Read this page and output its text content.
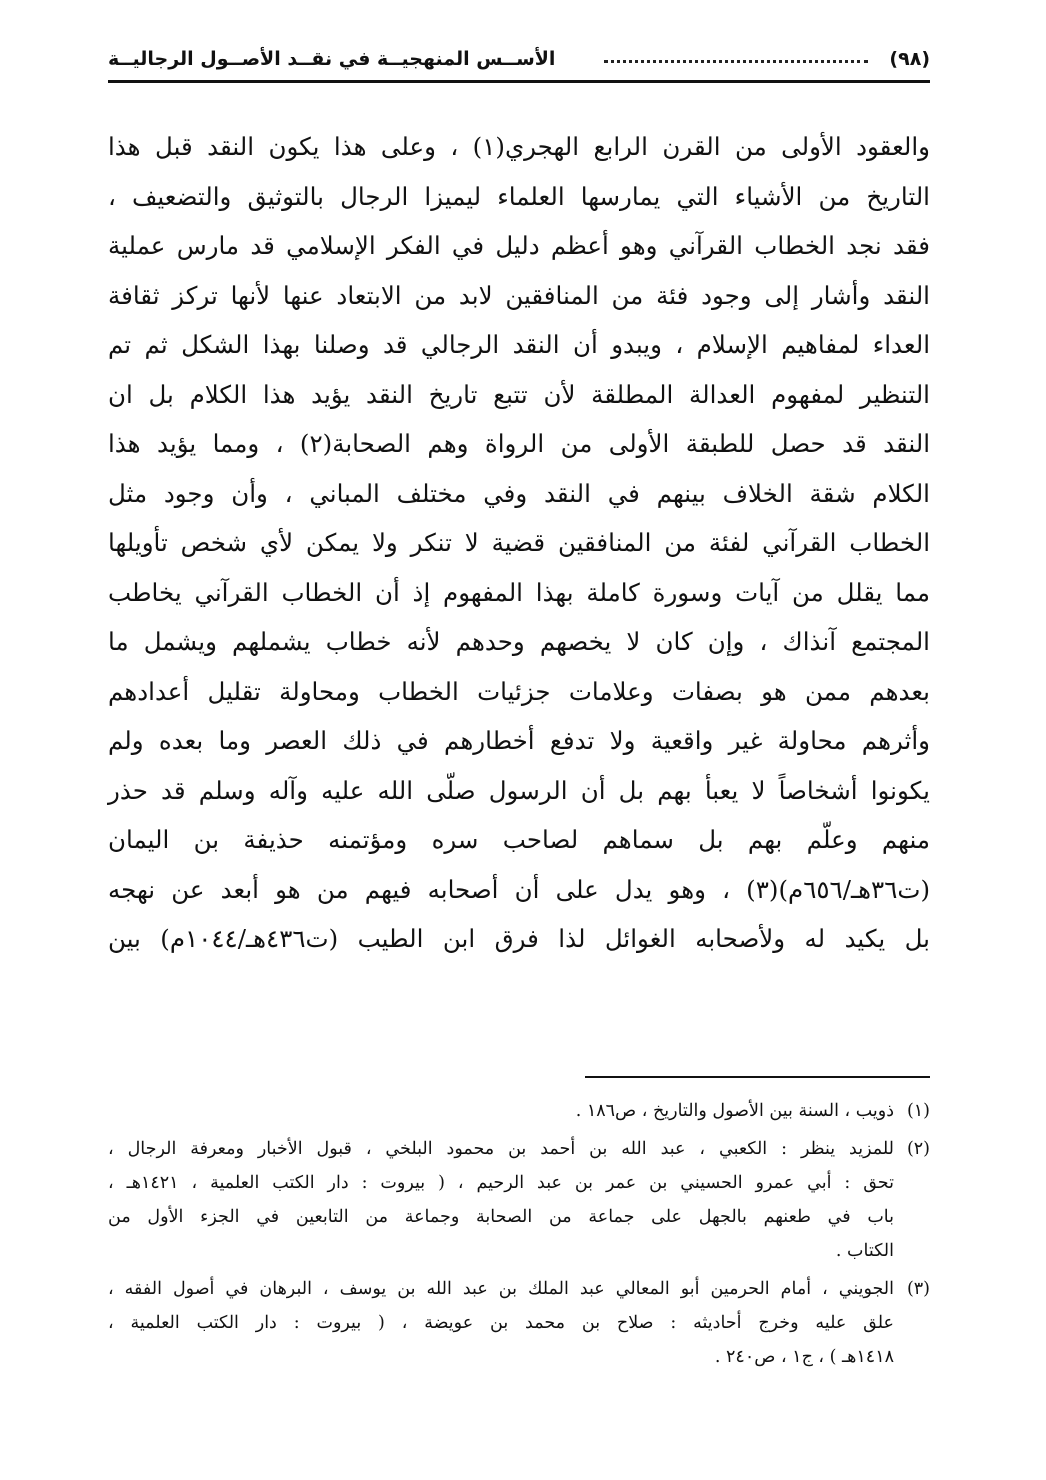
(٩٨)
الأســس المنهجيــة في نقــد الأصــول الرجاليــة
والعقود الأولى من القرن الرابع الهجري(١) ، وعلى هذا يكون النقد قبل هذا
التاريخ من الأشياء التي يمارسها العلماء ليميزا الرجال بالتوثيق والتضعيف ،
فقد نجد الخطاب القرآني وهو أعظم دليل في الفكر الإسلامي قد مارس عملية
النقد وأشار إلى وجود فئة من المنافقين لابد من الابتعاد عنها لأنها تركز ثقافة
العداء لمفاهيم الإسلام ، ويبدو أن النقد الرجالي قد وصلنا بهذا الشكل ثم تم
التنظير لمفهوم العدالة المطلقة لأن تتبع تاريخ النقد يؤيد هذا الكلام بل ان
النقد قد حصل للطبقة الأولى من الرواة وهم الصحابة(٢) ، ومما يؤيد هذا
الكلام شقة الخلاف بينهم في النقد وفي مختلف المباني ، وأن وجود مثل
الخطاب القرآني لفئة من المنافقين قضية لا تنكر ولا يمكن لأي شخص تأويلها
مما يقلل من آيات وسورة كاملة بهذا المفهوم إذ أن الخطاب القرآني يخاطب
المجتمع آنذاك ، وإن كان لا يخصهم وحدهم لأنه خطاب يشملهم ويشمل ما
بعدهم ممن هو بصفات وعلامات جزئيات الخطاب ومحاولة تقليل أعدادهم
وأثرهم محاولة غير واقعية ولا تدفع أخطارهم في ذلك العصر وما بعده ولم
يكونوا أشخاصاً لا يعبأ بهم بل أن الرسول صلّى الله عليه وآله وسلم قد حذر
منهم وعلّم بهم بل سماهم لصاحب سره ومؤتمنه حذيفة بن اليمان
(ت٣٦هـ/٦٥٦م)(٣) ، وهو يدل على أن أصحابه فيهم من هو أبعد عن نهجه
بل يكيد له ولأصحابه الغوائل لذا فرق ابن الطيب (ت٤٣٦هـ/١٠٤٤م) بين
(١)
ذويب ، السنة بين الأصول والتاريخ ، ص١٨٦ .
(٢)
للمزيد ينظر : الكعبي ، عبد الله بن أحمد بن محمود البلخي ، قبول الأخبار ومعرفة الرجال ،
تحق : أبي عمرو الحسيني بن عمر بن عبد الرحيم ، ( بيروت : دار الكتب العلمية ، ١٤٢١هـ ،
باب في طعنهم بالجهل على جماعة من الصحابة وجماعة من التابعين في الجزء الأول من
الكتاب .
(٣)
الجويني ، أمام الحرمين أبو المعالي عبد الملك بن عبد الله بن يوسف ، البرهان في أصول الفقه ،
علق عليه وخرج أحاديثه : صلاح بن محمد بن عويضة ، ( بيروت : دار الكتب العلمية ،
١٤١٨هـ ) ، ج١ ، ص٢٤٠ .
